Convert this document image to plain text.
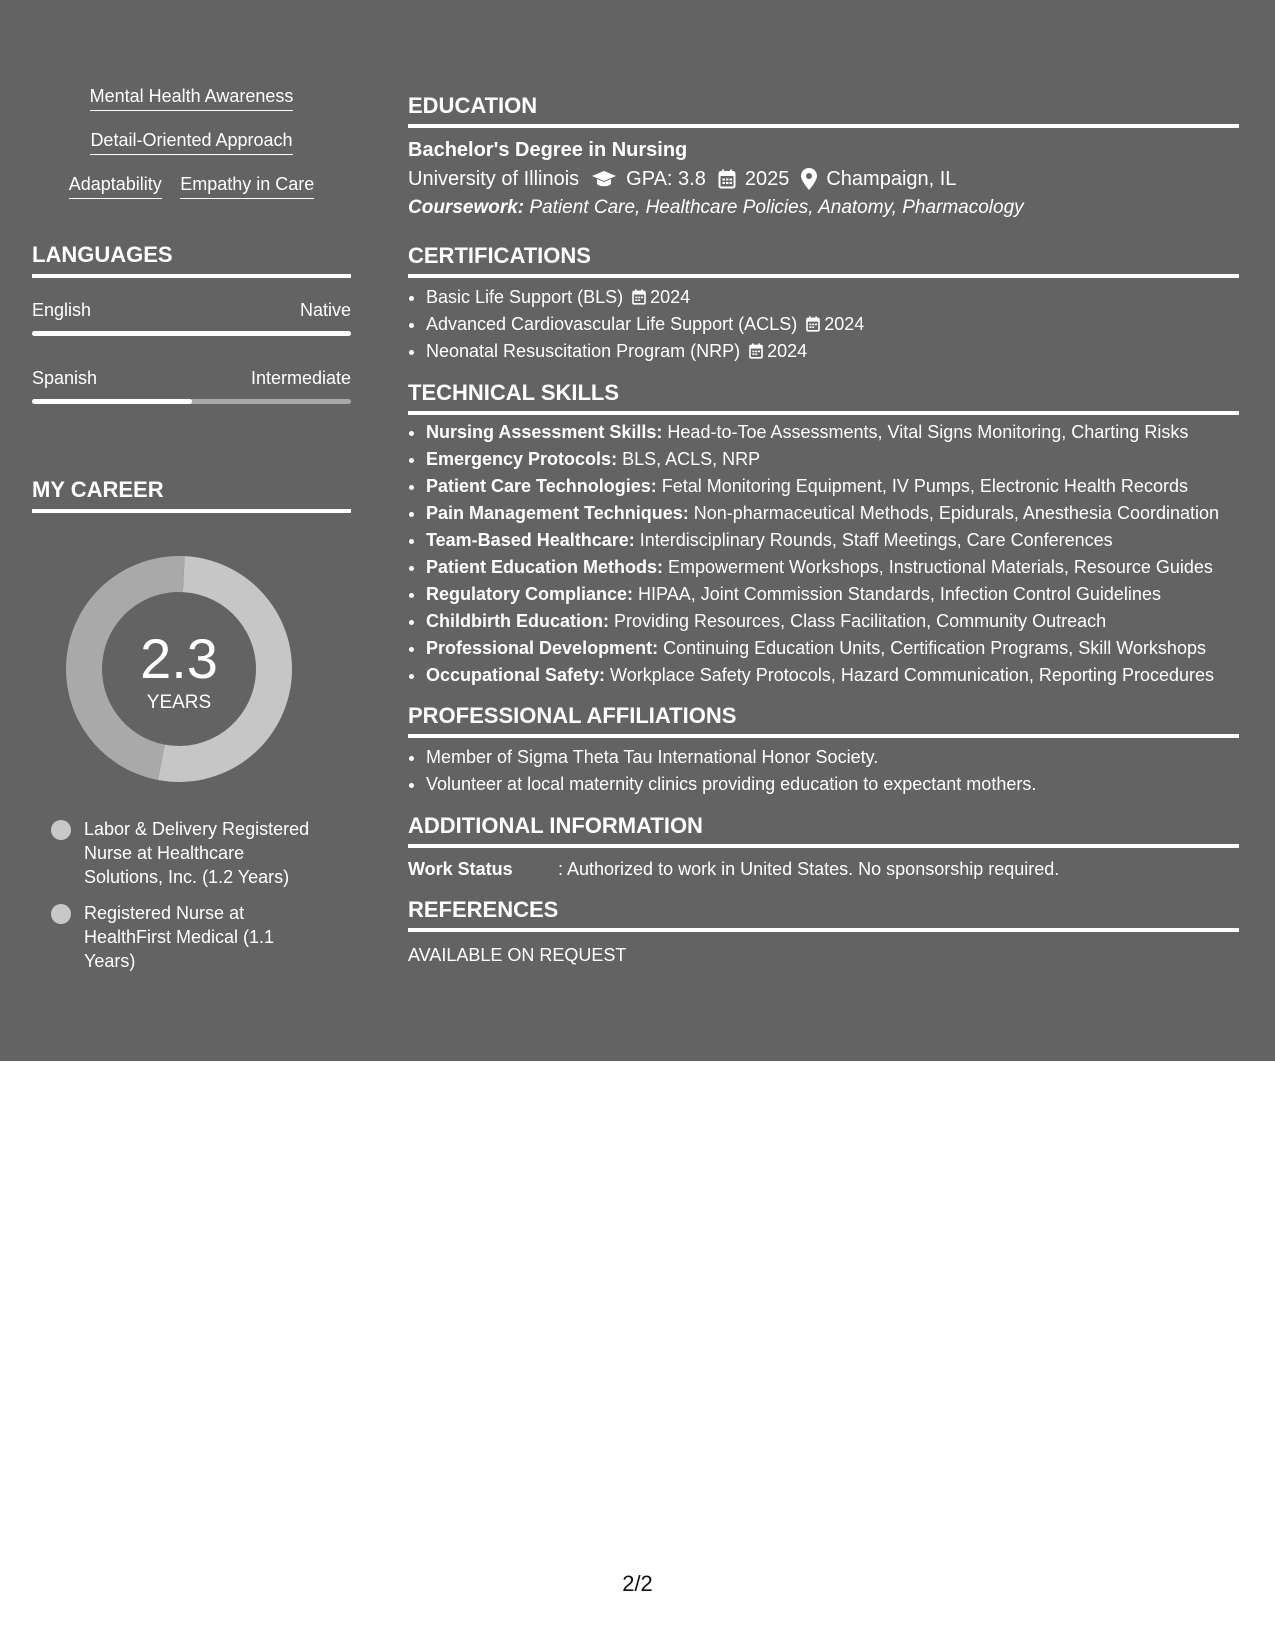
Mental Health Awareness
Detail-Oriented Approach
Adaptability Empathy in Care
LANGUAGES
English	Native
Spanish	Intermediate
MY CAREER
2.3
YEARS
Labor & Delivery Registered Nurse at Healthcare Solutions, Inc. (1.2 Years)
Registered Nurse at HealthFirst Medical (1.1 Years)
EDUCATION
Bachelor's Degree in Nursing
University of Illinois GPA: 3.8 2025 Champaign, IL
Coursework: Patient Care, Healthcare Policies, Anatomy, Pharmacology
CERTIFICATIONS
• Basic Life Support (BLS) 2024
• Advanced Cardiovascular Life Support (ACLS) 2024
• Neonatal Resuscitation Program (NRP) 2024
TECHNICAL SKILLS
• Nursing Assessment Skills: Head-to-Toe Assessments, Vital Signs Monitoring, Charting Risks
• Emergency Protocols: BLS, ACLS, NRP
• Patient Care Technologies: Fetal Monitoring Equipment, IV Pumps, Electronic Health Records
• Pain Management Techniques: Non-pharmaceutical Methods, Epidurals, Anesthesia Coordination
• Team-Based Healthcare: Interdisciplinary Rounds, Staff Meetings, Care Conferences
• Patient Education Methods: Empowerment Workshops, Instructional Materials, Resource Guides
• Regulatory Compliance: HIPAA, Joint Commission Standards, Infection Control Guidelines
• Childbirth Education: Providing Resources, Class Facilitation, Community Outreach
• Professional Development: Continuing Education Units, Certification Programs, Skill Workshops
• Occupational Safety: Workplace Safety Protocols, Hazard Communication, Reporting Procedures
PROFESSIONAL AFFILIATIONS
• Member of Sigma Theta Tau International Honor Society.
• Volunteer at local maternity clinics providing education to expectant mothers.
ADDITIONAL INFORMATION
Work Status	: Authorized to work in United States. No sponsorship required.
REFERENCES
AVAILABLE ON REQUEST
2/2
